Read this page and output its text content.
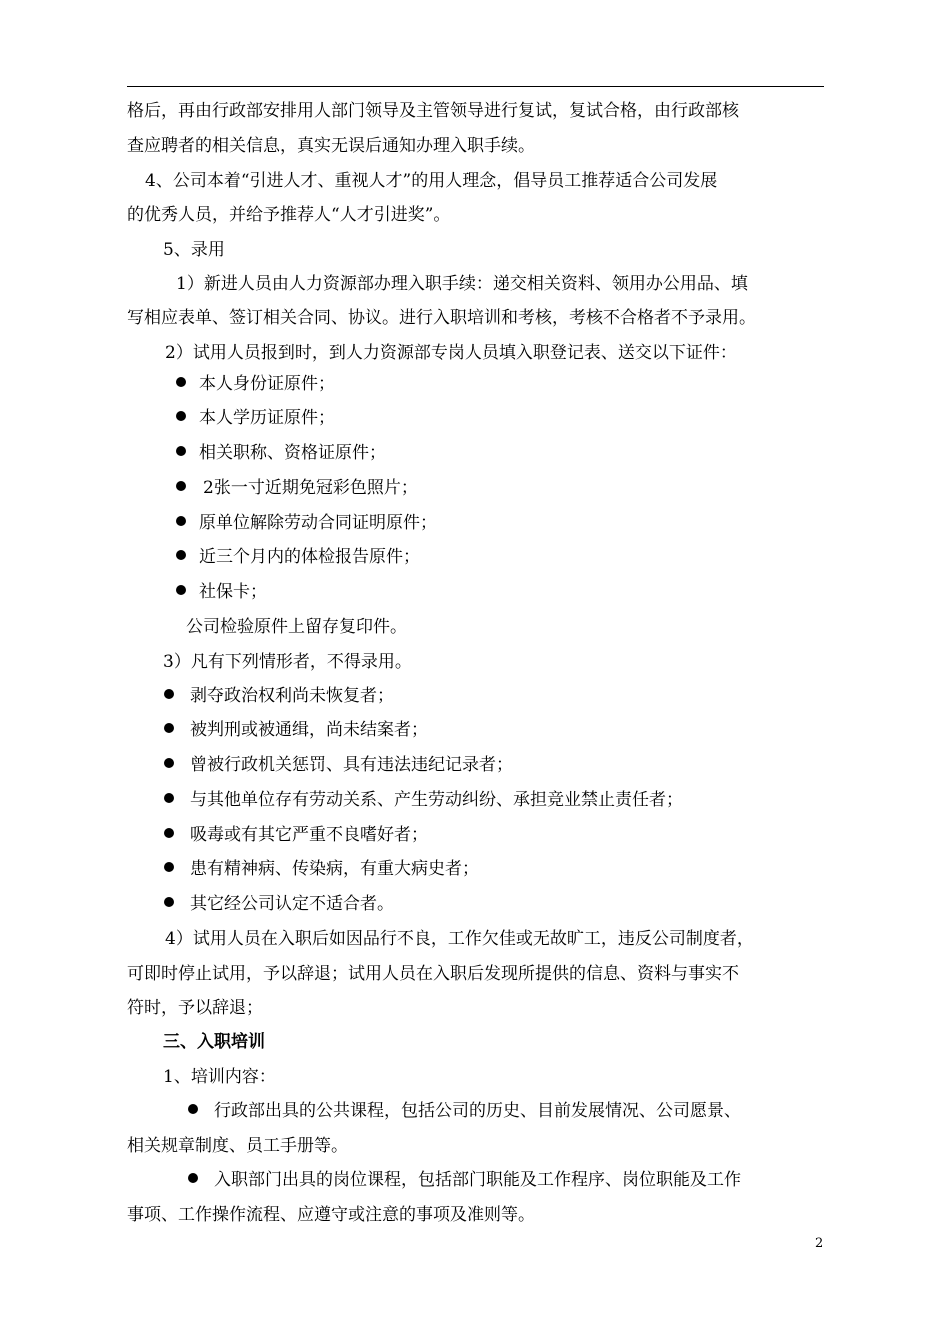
格后，再由行政部安排用人部门领导及主管领导进行复试，复试合格，由行政部核
查应聘者的相关信息，真实无误后通知办理入职手续。
4、公司本着“引进人才、重视人才”的用人理念，倡导员工推荐适合公司发展
的优秀人员，并给予推荐人“人才引进奖”。
5、录用
1）新进人员由人力资源部办理入职手续：递交相关资料、领用办公用品、填
写相应表单、签订相关合同、协议。进行入职培训和考核，考核不合格者不予录用。
2）试用人员报到时，到人力资源部专岗人员填入职登记表、送交以下证件：
本人身份证原件；
本人学历证原件；
相关职称、资格证原件；
2张一寸近期免冠彩色照片；
原单位解除劳动合同证明原件；
近三个月内的体检报告原件；
社保卡；
公司检验原件上留存复印件。
3）凡有下列情形者，不得录用。
剥夺政治权利尚未恢复者；
被判刑或被通缉，尚未结案者；
曾被行政机关惩罚、具有违法违纪记录者；
与其他单位存有劳动关系、产生劳动纠纷、承担竞业禁止责任者；
吸毒或有其它严重不良嗜好者；
患有精神病、传染病，有重大病史者；
其它经公司认定不适合者。
4）试用人员在入职后如因品行不良，工作欠佳或无故旷工，违反公司制度者，
可即时停止试用，予以辞退；试用人员在入职后发现所提供的信息、资料与事实不
符时，予以辞退；
三、入职培训
1、培训内容：
行政部出具的公共课程，包括公司的历史、目前发展情况、公司愿景、
相关规章制度、员工手册等。
入职部门出具的岗位课程，包括部门职能及工作程序、岗位职能及工作
事项、工作操作流程、应遵守或注意的事项及准则等。
2
